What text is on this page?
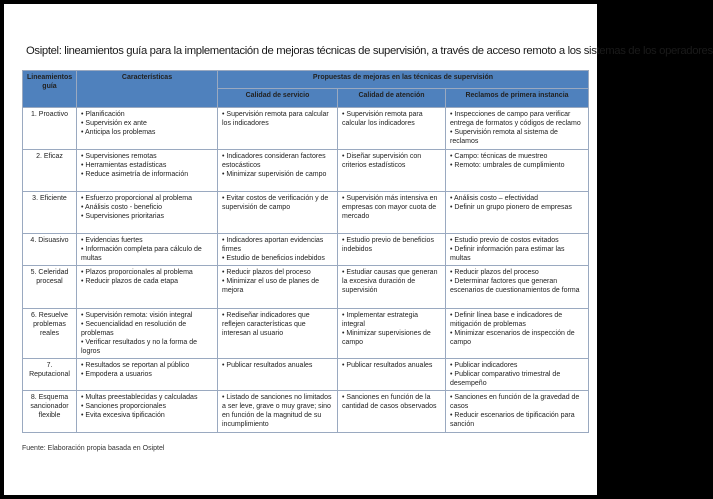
Osiptel: lineamientos guía para la implementación de mejoras técnicas de supervisión, a través de acceso remoto a los sistemas de los operadores
Lineamientos guía	Características	Propuestas de mejoras en las técnicas de supervisión		
		Calidad de servicio	Calidad de atención	Reclamos de primera instancia
1. Proactivo	• Planificación
• Supervisión ex ante
• Anticipa los problemas	• Supervisión remota para calcular los indicadores	• Supervisión remota para calcular los indicadores	• Inspecciones de campo para verificar entrega de formatos y códigos de reclamo
• Supervisión remota al sistema de reclamos

2. Eficaz	• Supervisiones remotas
• Herramientas estadísticas
• Reduce asimetría de información	• Indicadores consideran factores estocásticos
• Minimizar supervisión de campo	• Diseñar supervisión con criterios estadísticos	• Campo: técnicas de muestreo
• Remoto: umbrales de cumplimiento

3. Eficiente	• Esfuerzo proporcional al problema
• Análisis costo - beneficio
• Supervisiones prioritarias	• Evitar costos de verificación y de supervisión de campo	• Supervisión más intensiva en empresas con mayor cuota de mercado	• Análisis costo – efectividad
• Definir un grupo pionero de empresas

4. Disuasivo	• Evidencias fuertes
• Información completa para cálculo de multas	• Indicadores aportan evidencias firmes
• Estudio de beneficios indebidos	• Estudio previo de beneficios indebidos	• Estudio previo de costos evitados
• Definir información para estimar las multas

5. Celeridad procesal	• Plazos proporcionales al problema
• Reducir plazos de cada etapa	• Reducir plazos del proceso
• Minimizar el uso de planes de mejora	• Estudiar causas que generan la excesiva duración de supervisión	• Reducir plazos del proceso
• Determinar factores que generan escenarios de cuestionamientos de forma

6. Resuelve problemas reales	• Supervisión remota: visión integral
• Secuencialidad en resolución de problemas
• Verificar resultados y no la forma de logros	• Rediseñar indicadores que reflejen características que interesan al usuario	• Implementar estrategia integral
• Minimizar supervisiones de campo	• Definir línea base e indicadores de mitigación de problemas
• Minimizar escenarios de inspección de campo

7. Reputacional	• Resultados se reportan al público
• Empodera a usuarios	• Publicar resultados anuales	• Publicar resultados anuales	• Publicar indicadores
• Publicar comparativo trimestral de desempeño

8. Esquema sancionador flexible	• Multas preestablecidas y calculadas
• Sanciones proporcionales
• Evita excesiva tipificación	• Listado de sanciones no limitados a ser leve, grave o muy grave; sino en función de la magnitud de su incumplimiento	• Sanciones en función de la cantidad de casos observados	• Sanciones en función de la gravedad de casos
• Reducir escenarios de tipificación para sanción
Fuente: Elaboración propia basada en Osiptel
